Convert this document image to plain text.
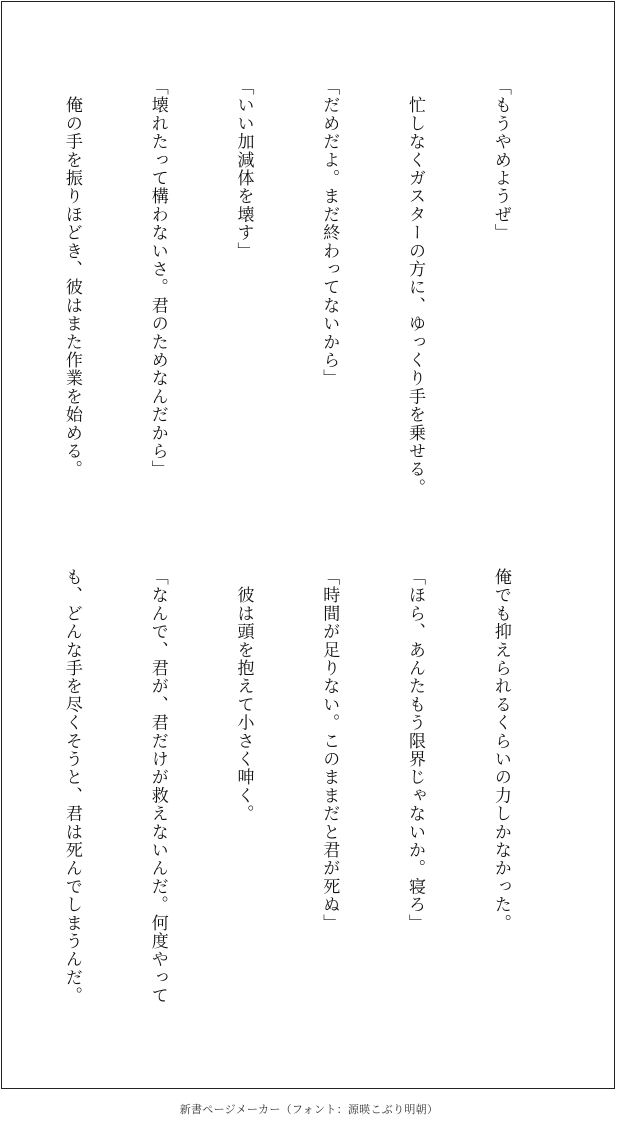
「もうやめようぜ」

　忙しなくガスターの方に、ゆっくり手を乗せる。

「だめだよ。まだ終わってないから」

「いい加減体を壊す」

「壊れたって構わないさ。君のためなんだから」

　俺の手を振りほどき、彼はまた作業を始める。

俺でも抑えられるくらいの力しかなかった。

「ほら、あんたもう限界じゃないか。寝ろ」

「時間が足りない。このままだと君が死ぬ」

　彼は頭を抱えて小さく呻く。

「なんで、君が、君だけが救えないんだ。何度やって

も、どんな手を尽くそうと、君は死んでしまうんだ。

新書ページメーカー（フォント：源暎こぶり明朝）
